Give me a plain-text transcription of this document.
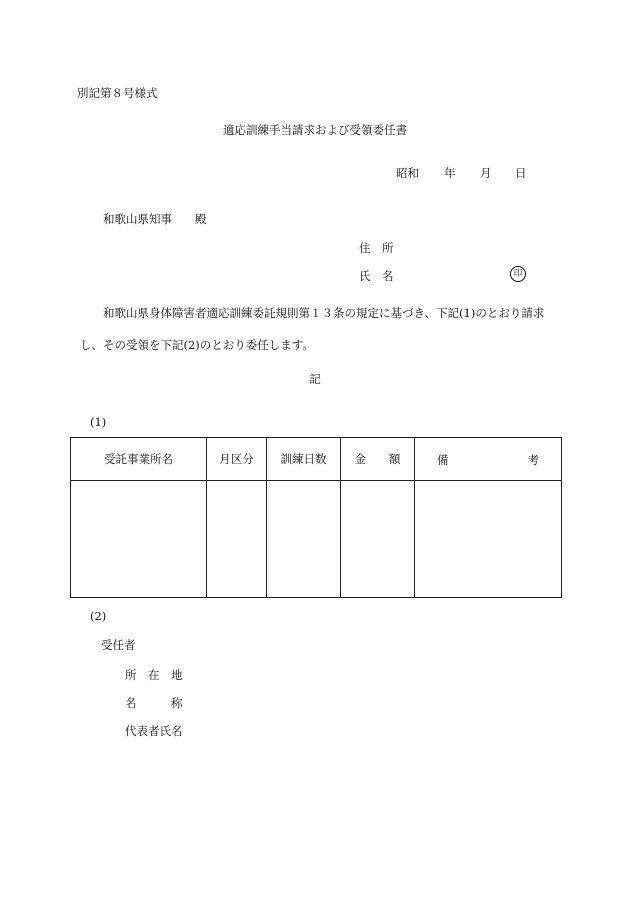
別記第８号様式
適応訓練手当請求および受領委任書
昭和 年 月 日
和歌山県知事　　殿
住　所
氏　名	印
和歌山県身体障害者適応訓練委託規則第１３条の規定に基づき、下記(1)のとおり請求し、その受領を下記(2)のとおり委任します。
記
(1)
受託事業所名	月区分	訓練日数	金　　額	備 考

(2)
受任者
所　在　地
名　　　称
代表者氏名
